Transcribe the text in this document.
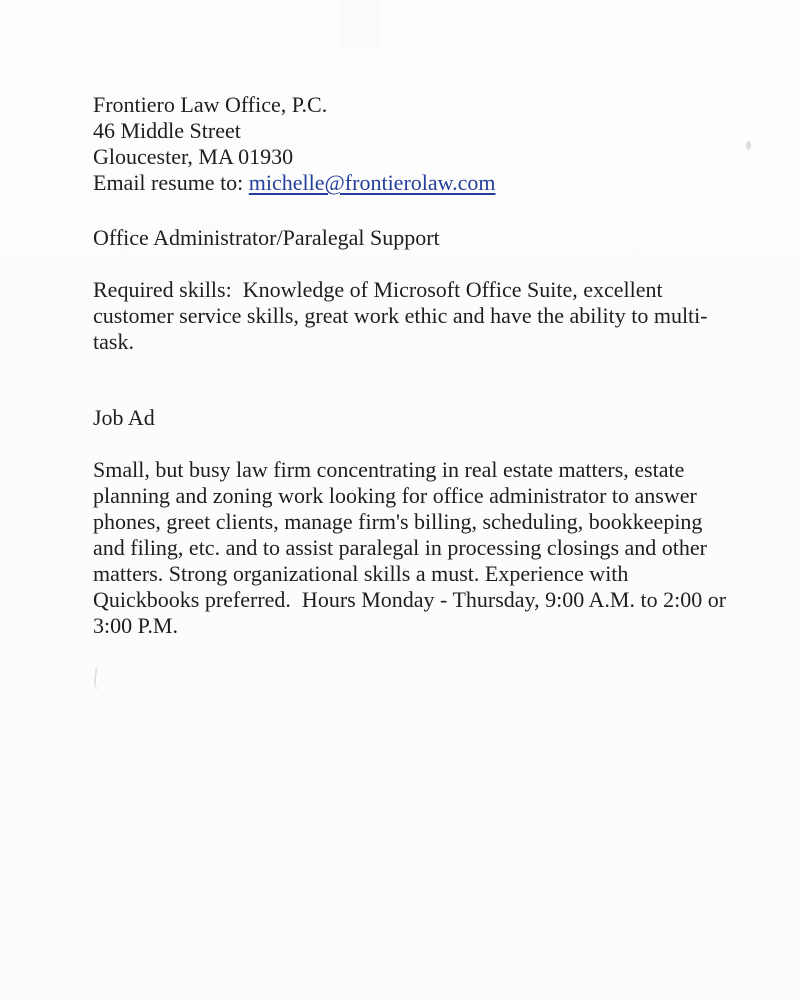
Frontiero Law Office, P.C.
46 Middle Street
Gloucester, MA 01930
Email resume to: michelle@frontierolaw.com
Office Administrator/Paralegal Support
Required skills:  Knowledge of Microsoft Office Suite, excellent
customer service skills, great work ethic and have the ability to multi-
task.
Job Ad
Small, but busy law firm concentrating in real estate matters, estate
planning and zoning work looking for office administrator to answer
phones, greet clients, manage firm's billing, scheduling, bookkeeping
and filing, etc. and to assist paralegal in processing closings and other
matters. Strong organizational skills a must. Experience with
Quickbooks preferred.  Hours Monday - Thursday, 9:00 A.M. to 2:00 or
3:00 P.M.
